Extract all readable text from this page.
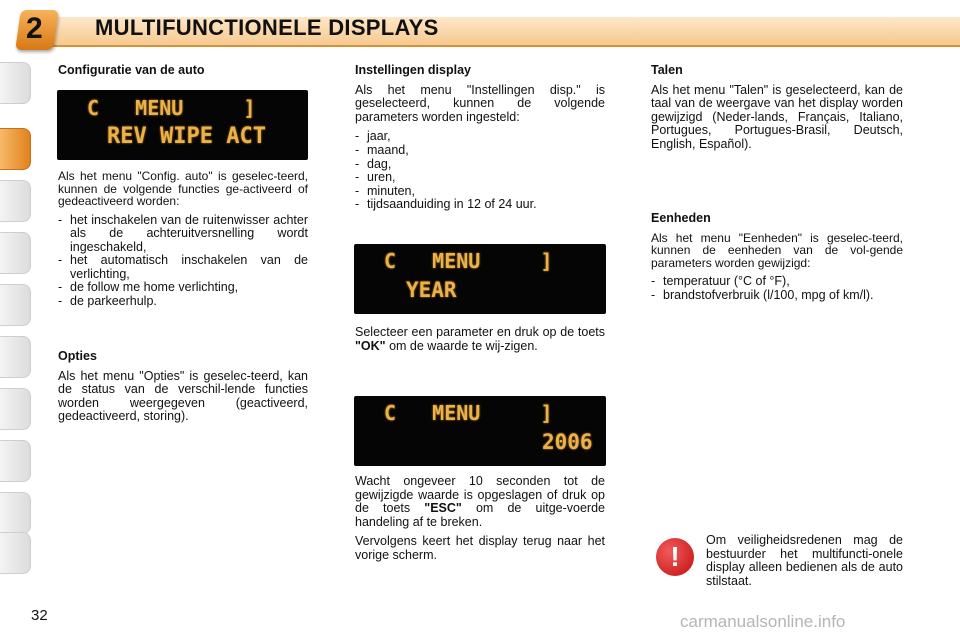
2 MULTIFUNCTIONELE DISPLAYS
Configuratie van de auto
C   MENU     ]
REV WIPE ACT

Als het menu "Config. auto" is geselec-teerd, kunnen de volgende functies ge-activeerd of gedeactiveerd worden:

- het inschakelen van de ruitenwisser achter als de achteruitversnelling wordt ingeschakeld,
- het automatisch inschakelen van de verlichting,
- de follow me home verlichting,
- de parkeerhulp.
Opties

Als het menu "Opties" is geselec-teerd, kan de status van de verschil-lende functies worden weergegeven (geactiveerd, gedeactiveerd, storing).

Instellingen display

Als het menu "Instellingen disp." is geselecteerd, kunnen de volgende parameters worden ingesteld:

- jaar,
- maand,
- dag,
- uren,
- minuten,
- tijdsaanduiding in 12 of 24 uur.
C   MENU     ]
YEAR

Selecteer een parameter en druk op de toets "OK" om de waarde te wij-zigen.

C   MENU     ]
2006

Wacht ongeveer 10 seconden tot de gewijzigde waarde is opgeslagen of druk op de toets "ESC" om de uitge-voerde handeling af te breken.

Vervolgens keert het display terug naar het vorige scherm.

Talen

Als het menu "Talen" is geselecteerd, kan de taal van de weergave van het display worden gewijzigd (Neder-lands, Français, Italiano, Portugues, Portugues-Brasil, Deutsch, English, Español).

Eenheden

Als het menu "Eenheden" is geselec-teerd, kunnen de eenheden van de vol-gende parameters worden gewijzigd:

- temperatuur (°C of °F),
- brandstofverbruik (l/100, mpg of km/l).
!

Om veiligheidsredenen mag de bestuurder het multifuncti-onele display alleen bedienen als de auto stilstaat.

32	carmanualsonline.info
